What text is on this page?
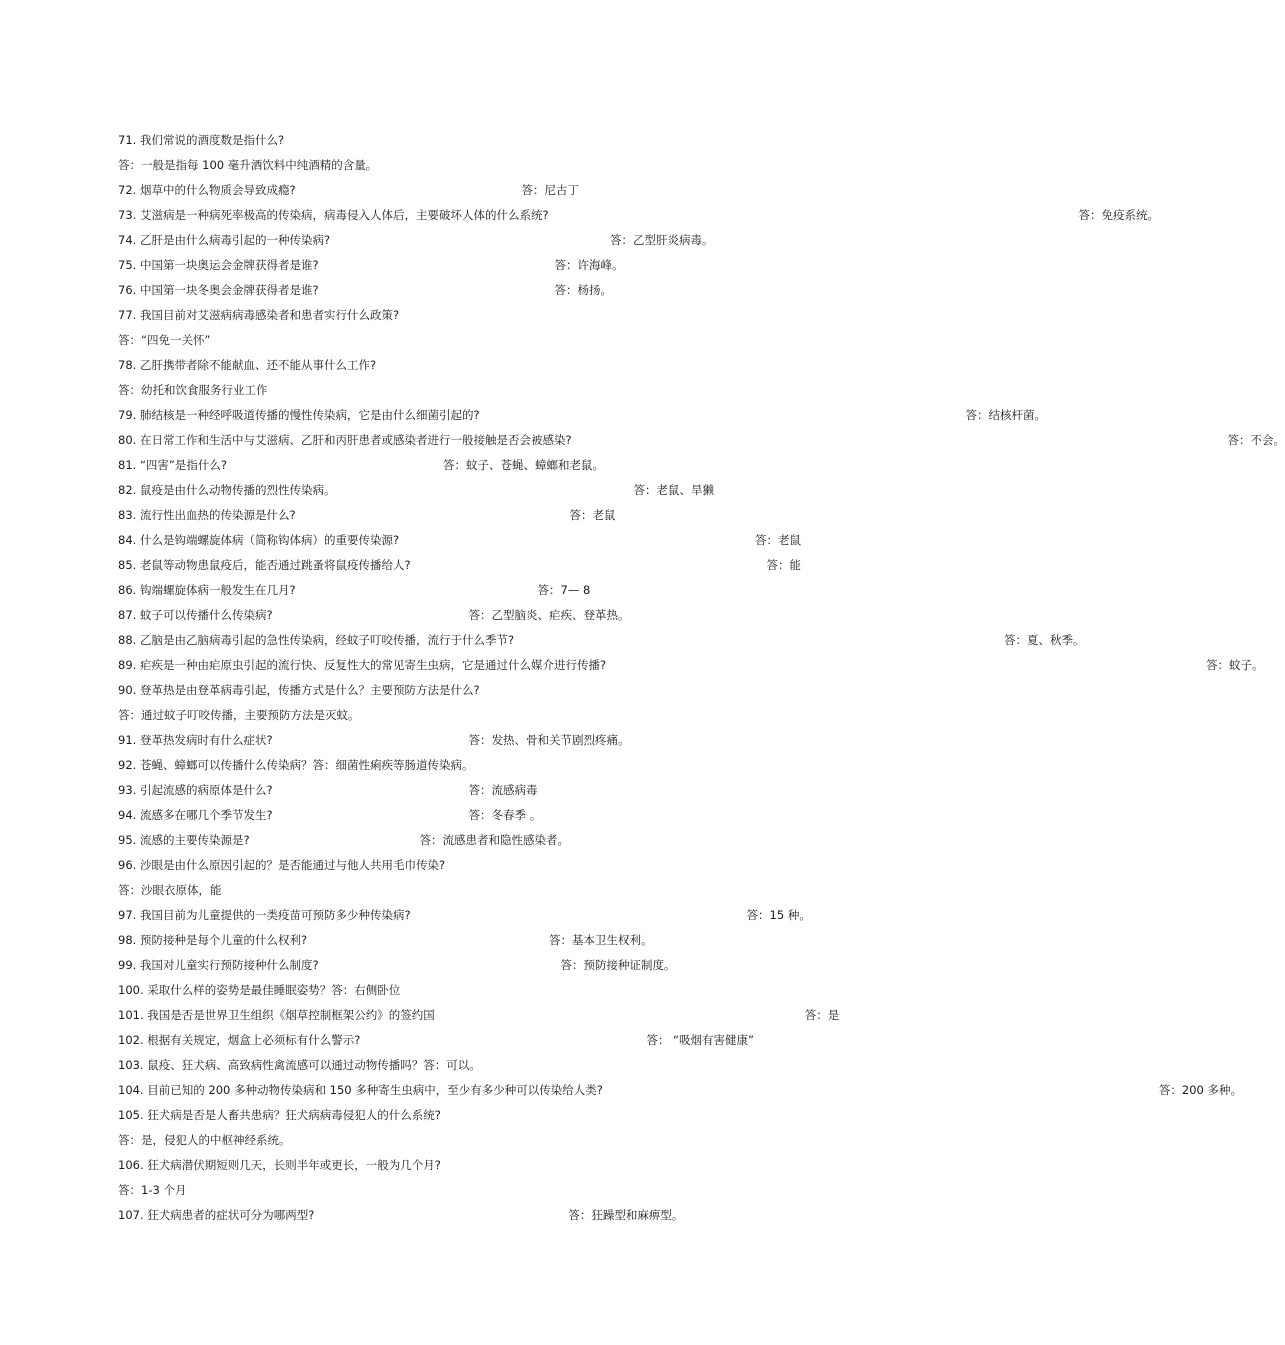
71. 我们常说的酒度数是指什么?
答：一般是指每 100 毫升酒饮料中纯酒精的含量。
72. 烟草中的什么物质会导致成瘾?	答：尼古丁
73. 艾滋病是一种病死率极高的传染病，病毒侵入人体后，主要破坏人体的什么系统?	答：免疫系统。
74. 乙肝是由什么病毒引起的一种传染病?	答：乙型肝炎病毒。
75. 中国第一块奥运会金牌获得者是谁?	答：许海峰。
76. 中国第一块冬奥会金牌获得者是谁?	答：杨扬。
77. 我国目前对艾滋病病毒感染者和患者实行什么政策?
答：“四免一关怀”
78. 乙肝携带者除不能献血、还不能从事什么工作?
答：幼托和饮食服务行业工作
79. 肺结核是一种经呼吸道传播的慢性传染病，它是由什么细菌引起的?	答：结核杆菌。
80. 在日常工作和生活中与艾滋病、乙肝和丙肝患者或感染者进行一般接触是否会被感染?	答：不会。
81. “四害”是指什么?	答：蚊子、苍蝇、蟑螂和老鼠。
82. 鼠疫是由什么动物传播的烈性传染病。	答：老鼠、旱獭
83. 流行性出血热的传染源是什么?	答：老鼠
84. 什么是钩端螺旋体病（简称钩体病）的重要传染源?	答：老鼠
85. 老鼠等动物患鼠疫后，能否通过跳蚤将鼠疫传播给人?	答：能
86. 钩端螺旋体病一般发生在几月?	答：7— 8
87. 蚊子可以传播什么传染病?	答：乙型脑炎、疟疾、登革热。
88. 乙脑是由乙脑病毒引起的急性传染病，经蚊子叮咬传播，流行于什么季节?	答：夏、秋季。
89. 疟疾是一种由疟原虫引起的流行快、反复性大的常见寄生虫病，它是通过什么媒介进行传播?	答：蚊子。
90. 登革热是由登革病毒引起，传播方式是什么？主要预防方法是什么?
答：通过蚊子叮咬传播，主要预防方法是灭蚊。
91. 登革热发病时有什么症状?	答：发热、骨和关节剧烈疼痛。
92. 苍蝇、蟑螂可以传播什么传染病？答：细菌性痢疾等肠道传染病。
93. 引起流感的病原体是什么?	答：流感病毒
94. 流感多在哪几个季节发生?	答：冬春季 。
95. 流感的主要传染源是?	答：流感患者和隐性感染者。
96. 沙眼是由什么原因引起的？是否能通过与他人共用毛巾传染?
答：沙眼衣原体，能
97. 我国目前为儿童提供的一类疫苗可预防多少种传染病?	答：15 种。
98. 预防接种是每个儿童的什么权利?	答：基本卫生权利。
99. 我国对儿童实行预防接种什么制度?	答：预防接种证制度。
100. 采取什么样的姿势是最佳睡眠姿势？答：右侧卧位
101. 我国是否是世界卫生组织《烟草控制框架公约》的签约国	答：是
102. 根据有关规定，烟盒上必须标有什么警示?	答： “吸烟有害健康”
103. 鼠疫、狂犬病、高致病性禽流感可以通过动物传播吗？答：可以。
104. 目前已知的 200 多种动物传染病和 150 多种寄生虫病中，至少有多少种可以传染给人类?	答：200 多种。
105. 狂犬病是否是人畜共患病？狂犬病病毒侵犯人的什么系统?
答：是，侵犯人的中枢神经系统。
106. 狂犬病潜伏期短则几天，长则半年或更长，一般为几个月?
答：1-3 个月
107. 狂犬病患者的症状可分为哪两型?	答：狂躁型和麻痹型。
